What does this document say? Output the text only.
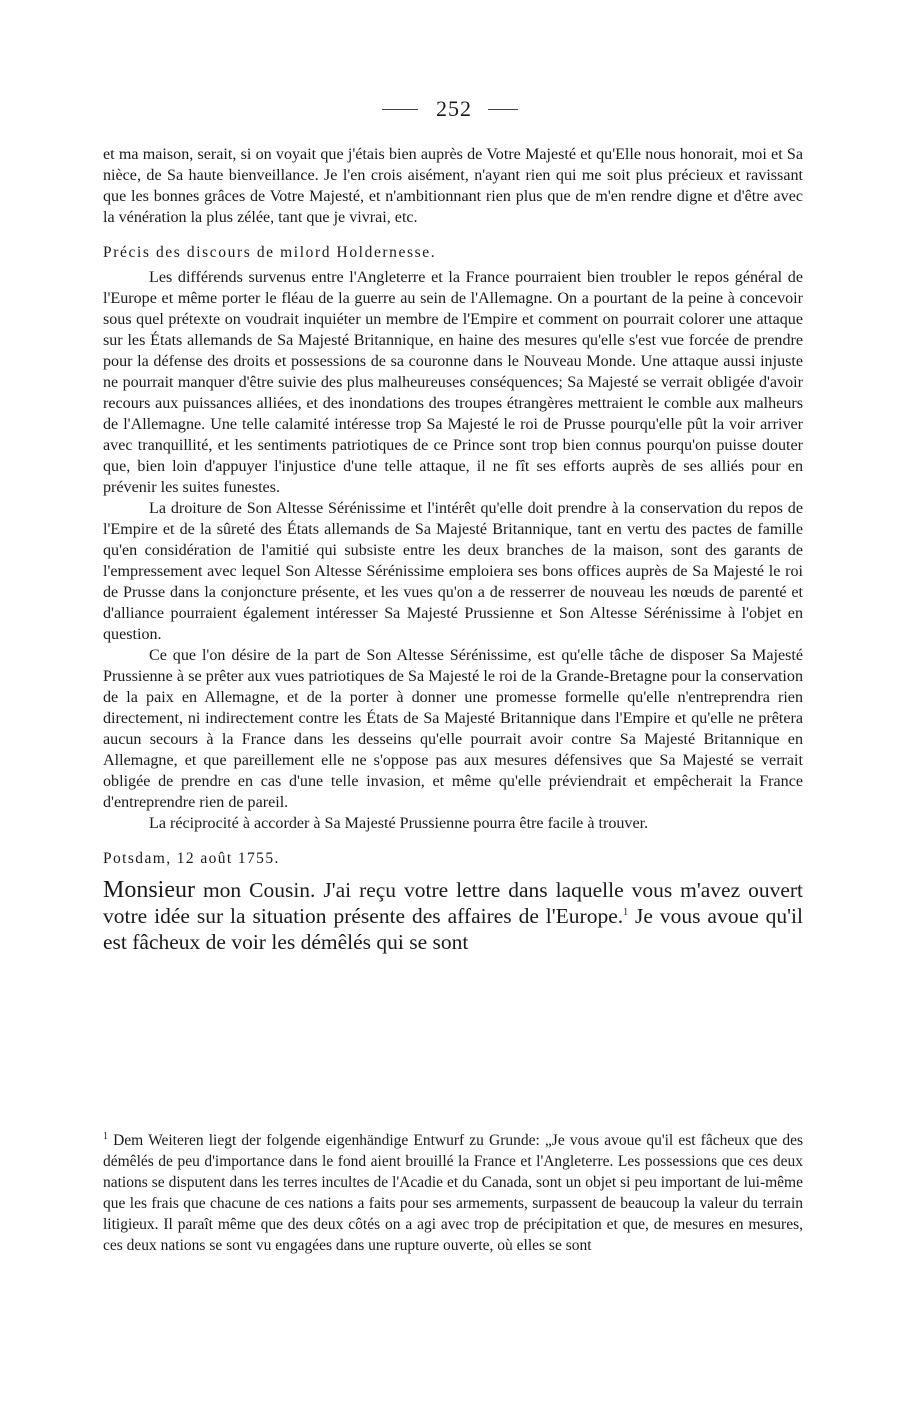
252

et ma maison, serait, si on voyait que j'étais bien auprès de Votre Majesté et qu'Elle nous honorait, moi et Sa nièce, de Sa haute bienveillance. Je l'en crois aisément, n'ayant rien qui me soit plus précieux et ravissant que les bonnes grâces de Votre Majesté, et n'ambitionnant rien plus que de m'en rendre digne et d'être avec la vénération la plus zélée, tant que je vivrai, etc.

Précis des discours de milord Holdernesse.

Les différends survenus entre l'Angleterre et la France pourraient bien troubler le repos général de l'Europe et même porter le fléau de la guerre au sein de l'Allemagne. On a pourtant de la peine à concevoir sous quel prétexte on voudrait inquiéter un membre de l'Empire et comment on pourrait colorer une attaque sur les États allemands de Sa Majesté Britannique, en haine des mesures qu'elle s'est vue forcée de prendre pour la défense des droits et possessions de sa couronne dans le Nouveau Monde. Une attaque aussi injuste ne pourrait manquer d'être suivie des plus malheureuses conséquences; Sa Majesté se verrait obligée d'avoir recours aux puissances alliées, et des inondations des troupes étrangères mettraient le comble aux malheurs de l'Allemagne. Une telle calamité intéresse trop Sa Majesté le roi de Prusse pourqu'elle pût la voir arriver avec tranquillité, et les sentiments patriotiques de ce Prince sont trop bien connus pourqu'on puisse douter que, bien loin d'appuyer l'injustice d'une telle attaque, il ne fît ses efforts auprès de ses alliés pour en prévenir les suites funestes.

La droiture de Son Altesse Sérénissime et l'intérêt qu'elle doit prendre à la conservation du repos de l'Empire et de la sûreté des États allemands de Sa Majesté Britannique, tant en vertu des pactes de famille qu'en considération de l'amitié qui subsiste entre les deux branches de la maison, sont des garants de l'empressement avec lequel Son Altesse Sérénissime emploiera ses bons offices auprès de Sa Majesté le roi de Prusse dans la conjoncture présente, et les vues qu'on a de resserrer de nouveau les nœuds de parenté et d'alliance pourraient également intéresser Sa Majesté Prussienne et Son Altesse Sérénissime à l'objet en question.

Ce que l'on désire de la part de Son Altesse Sérénissime, est qu'elle tâche de disposer Sa Majesté Prussienne à se prêter aux vues patriotiques de Sa Majesté le roi de la Grande-Bretagne pour la conservation de la paix en Allemagne, et de la porter à donner une promesse formelle qu'elle n'entreprendra rien directement, ni indirectement contre les États de Sa Majesté Britannique dans l'Empire et qu'elle ne prêtera aucun secours à la France dans les desseins qu'elle pourrait avoir contre Sa Majesté Britannique en Allemagne, et que pareillement elle ne s'oppose pas aux mesures défensives que Sa Majesté se verrait obligée de prendre en cas d'une telle invasion, et même qu'elle préviendrait et empêcherait la France d'entreprendre rien de pareil.

La réciprocité à accorder à Sa Majesté Prussienne pourra être facile à trouver.

Potsdam, 12 août 1755.

Monsieur mon Cousin. J'ai reçu votre lettre dans laquelle vous m'avez ouvert votre idée sur la situation présente des affaires de l'Europe.$^1$ Je vous avoue qu'il est fâcheux de voir les démêlés qui se sont

$^1$ Dem Weiteren liegt der folgende eigenhändige Entwurf zu Grunde: „Je vous avoue qu'il est fâcheux que des démêlés de peu d'importance dans le fond aient brouillé la France et l'Angleterre. Les possessions que ces deux nations se disputent dans les terres incultes de l'Acadie et du Canada, sont un objet si peu important de lui-même que les frais que chacune de ces nations a faits pour ses armements, surpassent de beaucoup la valeur du terrain litigieux. Il paraît même que des deux côtés on a agi avec trop de précipitation et que, de mesures en mesures, ces deux nations se sont vu engagées dans une rupture ouverte, où elles se sont
